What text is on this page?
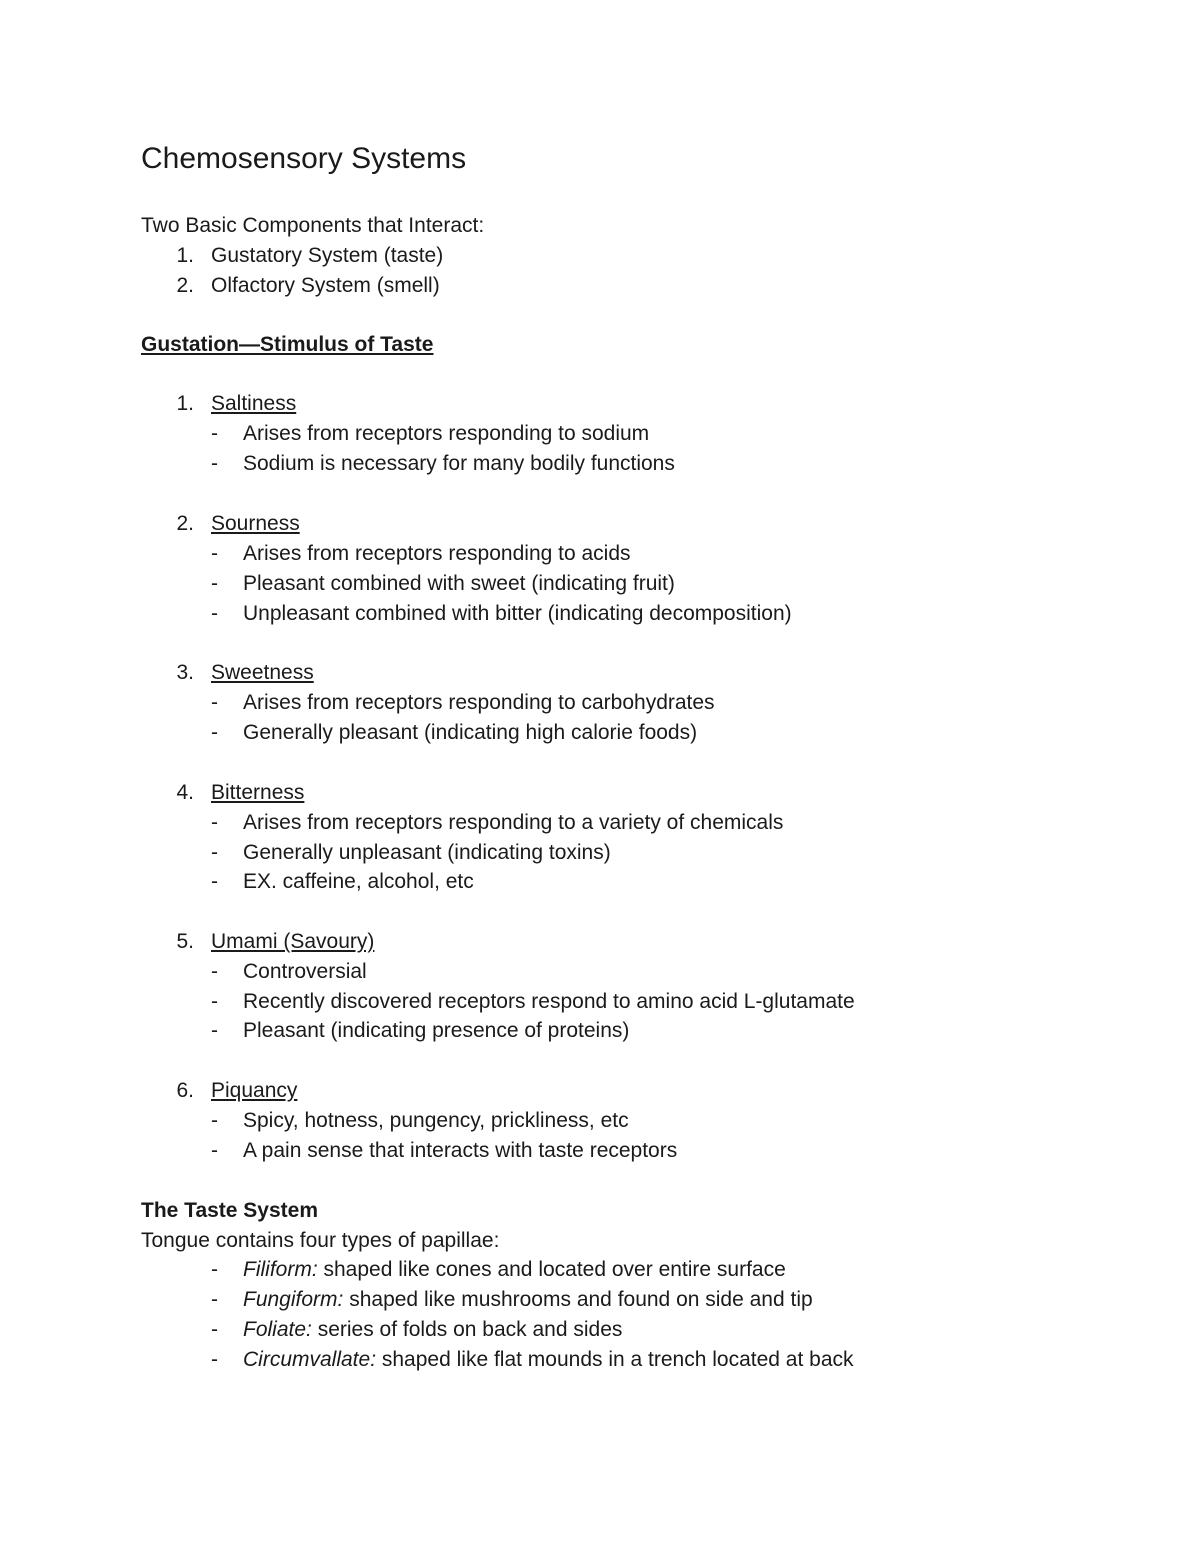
Chemosensory Systems
Two Basic Components that Interact:
1. Gustatory System (taste)
2. Olfactory System (smell)
Gustation—Stimulus of Taste
1. Saltiness
-	Arises from receptors responding to sodium
-	Sodium is necessary for many bodily functions
2. Sourness
-	Arises from receptors responding to acids
-	Pleasant combined with sweet (indicating fruit)
-	Unpleasant combined with bitter (indicating decomposition)
3. Sweetness
-	Arises from receptors responding to carbohydrates
-	Generally pleasant (indicating high calorie foods)
4. Bitterness
-	Arises from receptors responding to a variety of chemicals
-	Generally unpleasant (indicating toxins)
-	EX. caffeine, alcohol, etc
5. Umami (Savoury)
-	Controversial
-	Recently discovered receptors respond to amino acid L-glutamate
-	Pleasant (indicating presence of proteins)
6. Piquancy
-	Spicy, hotness, pungency, prickliness, etc
-	A pain sense that interacts with taste receptors
The Taste System
Tongue contains four types of papillae:
-	Filiform: shaped like cones and located over entire surface
-	Fungiform: shaped like mushrooms and found on side and tip
-	Foliate: series of folds on back and sides
-	Circumvallate: shaped like flat mounds in a trench located at back
